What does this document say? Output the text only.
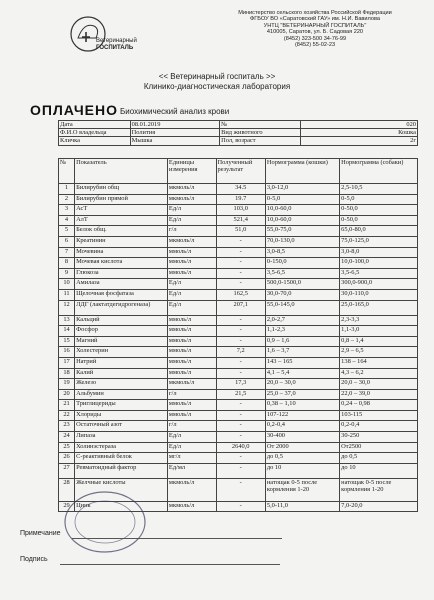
Ветеринарный
ГОСПИТАЛЬ
Министерство сельского хозяйства Российской Федерации
ФГБОУ ВО «Саратовский ГАУ» им. Н.И. Вавилова
УНТЦ "ВЕТЕРИНАРНЫЙ ГОСПИТАЛЬ"
410005, Саратов, ул. Б. Садовая 220
(8452) 323-500 34-76-99
(8452) 55-02-23
<< Ветеринарный госпиталь >>
Клинико-диагностическая лаборатория
ОПЛАЧЕНО Биохимический анализ крови
Дата	08.01.2019	№	020
Ф.И.О владельца	Полития	Вид животного	Кошка
Кличка	Мышка	Пол, возраст	2г
№	Показатель	Единицы измерения	Полученный результат	Нормограмма (кошки)	Нормограмма (собаки)
1	Билирубин общ	мкмоль/л	34.5	3,0-12,0	2,5-10,5
2	Билирубин прямой	мкмоль/л	19.7	0-5,0	0-5,0
3	АсТ	Ед/л	103,0	10,0-60,0	0-50,0
4	АлТ	Ед/л	521,4	10,0-60,0	0-50,0
5	Белок общ.	г/л	51,0	55,0-75,0	65,0-80,0
6	Креатинин	мкмоль/л	-	70,0-130,0	75,0-125,0
7	Мочевина	ммоль/л	-	3,0-8,5	3,0-8,0
8	Мочевая кислота	ммоль/л	-	0-150,0	10,0-100,0
9	Глюкоза	ммоль/л	-	3,5-6,5	3,5-6,5
10	Амилаза	Ед/л	-	500,0-1500,0	300,0-900,0
11	Щелочная фосфатаза	Ед/л	162,5	30,0-70,0	30,0-110,0
12	ЛДГ (лактатдегидрогеназа)	Ед/л	207,1	55,0-145,0	25,0-165,0
13	Кальций	ммоль/л	-	2,0-2,7	2,3-3,3
14	Фосфор	ммоль/л	-	1,1-2,3	1,1-3,0
15	Магний	ммоль/л	-	0,9 – 1,6	0,8 – 1,4
16	Холестерин	ммоль/л	7,2	1,6 – 3,7	2,9 – 6,5
17	Натрий	ммоль/л	-	143 – 165	138 – 164
18	Калий	ммоль/л	-	4,1 – 5,4	4,3 – 6,2
19	Железо	мкмоль/л	17,3	20,0 – 30,0	20,0 – 30,0
20	Альбумин	г/л	21,5	25,0 – 37,0	22,0 – 39,0
21	Триглицериды	ммоль/л	-	0,38 – 1,10	0,24 – 0,98
22	Хлориды	ммоль/л	-	107-122	103-115
23	Остаточный азот	г/л	-	0,2-0,4	0,2-0,4
24	Липаза	Ед/л	-	30-400	30-250
25	Холинэстераза	Ед/л	2640,0	От 2000	От2500
26	С-реактивный белок	мг/л	-	до 0,5	до 0,5
27	Ревматоидный фактор	Ед/мл	-	до 10	до 10
28	Желчные кислоты	мкмоль/л	-	натощак 0-5 после кормления 1-20	натощак 0-5 после кормления 1-20
29	Цинк	мкмоль/л	-	5,0-11,0	7,0-20,0
Примечание
Подпись
